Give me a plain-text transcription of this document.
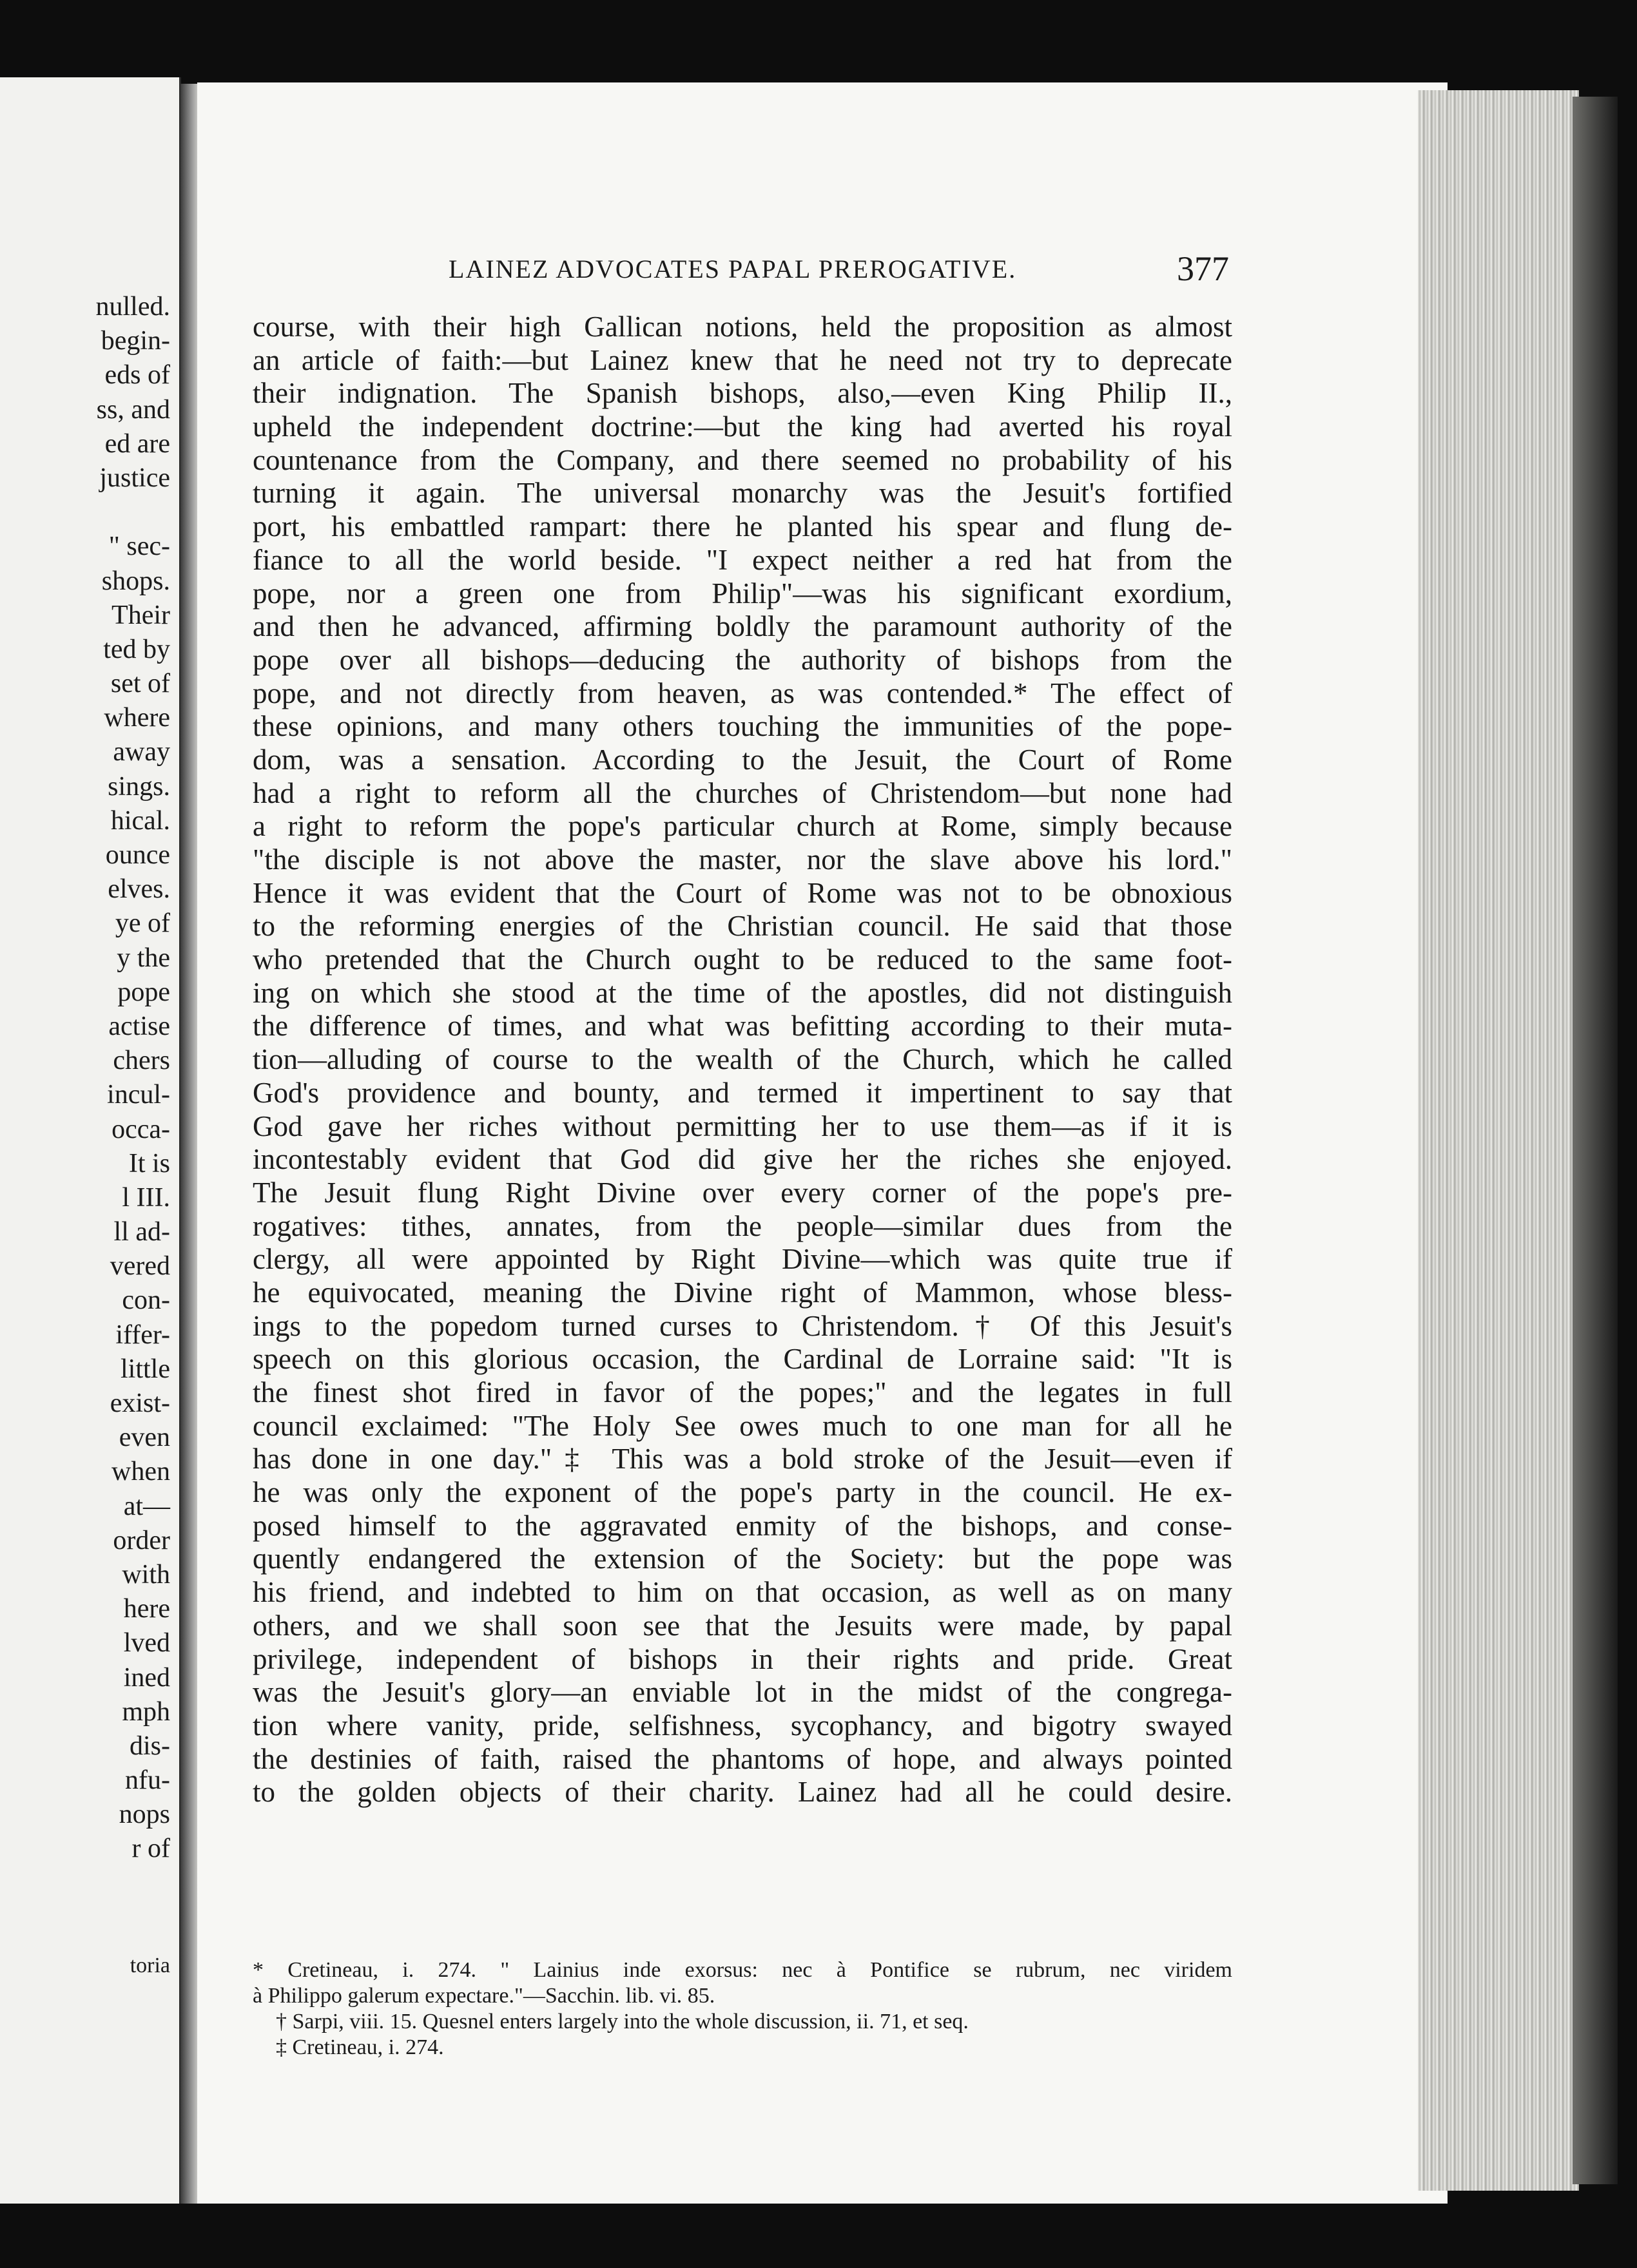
nulled.
begin-
eds of
ss, and
ed are
justice
" sec-
shops.
Their
ted by
set of
where
away
sings.
hical.
ounce
elves.
ye of
y the
pope
actise
chers
incul-
occa-
It is
l III.
ll ad-
vered
con-
iffer-
little
exist-
even
when
at—
order
with
here
lved
ined
mph
dis-
nfu-
nops
r of
toria
LAINEZ ADVOCATES PAPAL PREROGATIVE.	377
course, with their high Gallican notions, held the proposition as almost
an article of faith:—but Lainez knew that he need not try to deprecate
their indignation. The Spanish bishops, also,—even King Philip II.,
upheld the independent doctrine:—but the king had averted his royal
countenance from the Company, and there seemed no probability of his
turning it again. The universal monarchy was the Jesuit's fortified
port, his embattled rampart: there he planted his spear and flung de-
fiance to all the world beside. "I expect neither a red hat from the
pope, nor a green one from Philip"—was his significant exordium,
and then he advanced, affirming boldly the paramount authority of the
pope over all bishops—deducing the authority of bishops from the
pope, and not directly from heaven, as was contended.* The effect of
these opinions, and many others touching the immunities of the pope-
dom, was a sensation. According to the Jesuit, the Court of Rome
had a right to reform all the churches of Christendom—but none had
a right to reform the pope's particular church at Rome, simply because
"the disciple is not above the master, nor the slave above his lord."
Hence it was evident that the Court of Rome was not to be obnoxious
to the reforming energies of the Christian council. He said that those
who pretended that the Church ought to be reduced to the same foot-
ing on which she stood at the time of the apostles, did not distinguish
the difference of times, and what was befitting according to their muta-
tion—alluding of course to the wealth of the Church, which he called
God's providence and bounty, and termed it impertinent to say that
God gave her riches without permitting her to use them—as if it is
incontestably evident that God did give her the riches she enjoyed.
The Jesuit flung Right Divine over every corner of the pope's pre-
rogatives: tithes, annates, from the people—similar dues from the
clergy, all were appointed by Right Divine—which was quite true if
he equivocated, meaning the Divine right of Mammon, whose bless-
ings to the popedom turned curses to Christendom.† Of this Jesuit's
speech on this glorious occasion, the Cardinal de Lorraine said: "It is
the finest shot fired in favor of the popes;" and the legates in full
council exclaimed: "The Holy See owes much to one man for all he
has done in one day."‡ This was a bold stroke of the Jesuit—even if
he was only the exponent of the pope's party in the council. He ex-
posed himself to the aggravated enmity of the bishops, and conse-
quently endangered the extension of the Society: but the pope was
his friend, and indebted to him on that occasion, as well as on many
others, and we shall soon see that the Jesuits were made, by papal
privilege, independent of bishops in their rights and pride. Great
was the Jesuit's glory—an enviable lot in the midst of the congrega-
tion where vanity, pride, selfishness, sycophancy, and bigotry swayed
the destinies of faith, raised the phantoms of hope, and always pointed
to the golden objects of their charity. Lainez had all he could desire.
* Cretineau, i. 274. " Lainius inde exorsus: nec à Pontifice se rubrum, nec viridem
à Philippo galerum expectare."—Sacchin. lib. vi. 85.
† Sarpi, viii. 15. Quesnel enters largely into the whole discussion, ii. 71, et seq.
‡ Cretineau, i. 274.
